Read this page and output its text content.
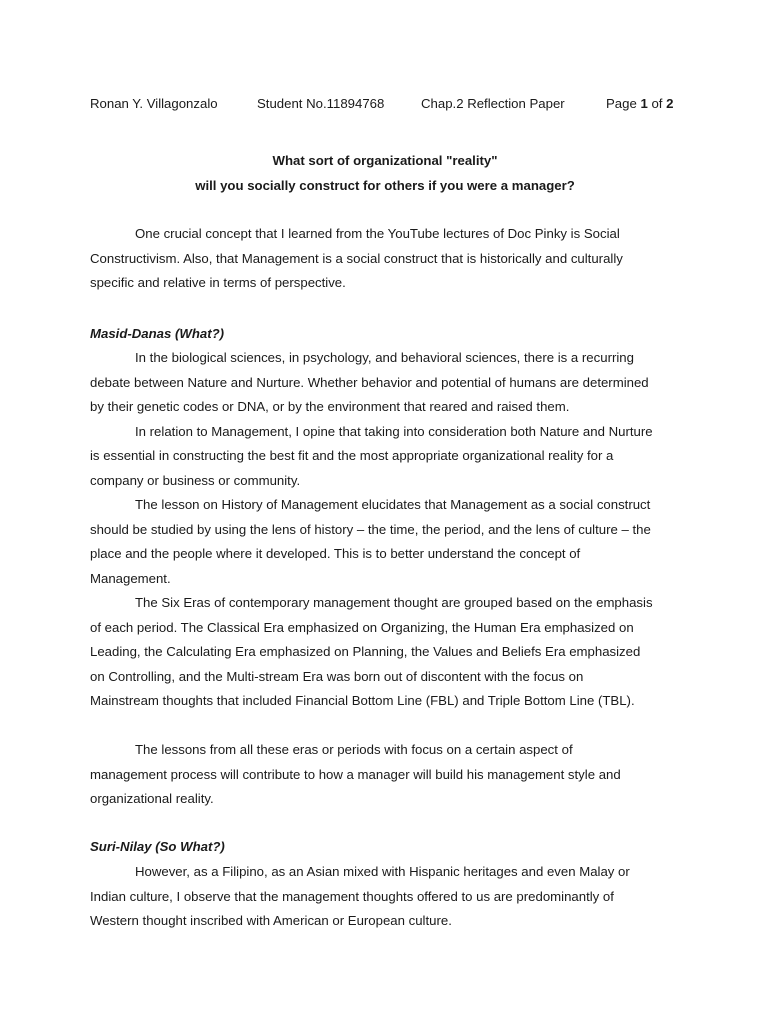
Ronan Y. Villagonzalo	Student No.11894768	Chap.2 Reflection Paper	Page 1 of 2
What sort of organizational "reality"
will you socially construct for others if you were a manager?
One crucial concept that I learned from the YouTube lectures of Doc Pinky is Social
Constructivism. Also, that Management is a social construct that is historically and culturally
specific and relative in terms of perspective.
Masid-Danas (What?)
In the biological sciences, in psychology, and behavioral sciences, there is a recurring
debate between Nature and Nurture. Whether behavior and potential of humans are determined
by their genetic codes or DNA, or by the environment that reared and raised them.
In relation to Management, I opine that taking into consideration both Nature and Nurture
is essential in constructing the best fit and the most appropriate organizational reality for a
company or business or community.
The lesson on History of Management elucidates that Management as a social construct
should be studied by using the lens of history – the time, the period, and the lens of culture – the
place and the people where it developed. This is to better understand the concept of
Management.
The Six Eras of contemporary management thought are grouped based on the emphasis
of each period. The Classical Era emphasized on Organizing, the Human Era emphasized on
Leading, the Calculating Era emphasized on Planning, the Values and Beliefs Era emphasized
on Controlling, and the Multi-stream Era was born out of discontent with the focus on
Mainstream thoughts that included Financial Bottom Line (FBL) and Triple Bottom Line (TBL).
The lessons from all these eras or periods with focus on a certain aspect of
management process will contribute to how a manager will build his management style and
organizational reality.
Suri-Nilay (So What?)
However, as a Filipino, as an Asian mixed with Hispanic heritages and even Malay or
Indian culture, I observe that the management thoughts offered to us are predominantly of
Western thought inscribed with American or European culture.
